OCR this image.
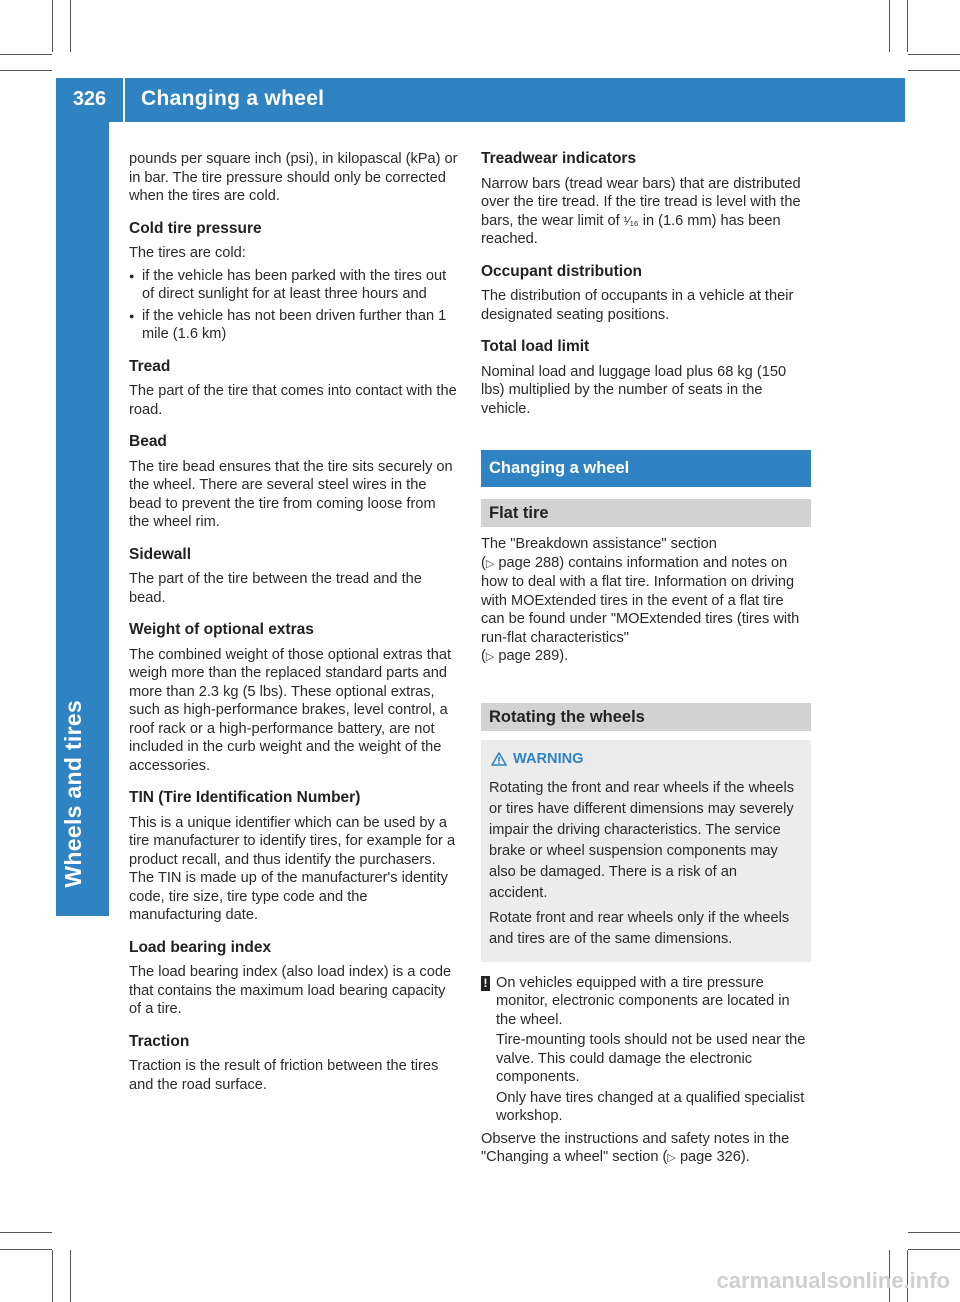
326	Changing a wheel
Wheels and tires

pounds per square inch (psi), in kilopascal (kPa) or in bar. The tire pressure should only be corrected when the tires are cold.

Cold tire pressure

The tires are cold:

● if the vehicle has been parked with the tires out of direct sunlight for at least three hours and
● if the vehicle has not been driven further than 1 mile (1.6 km)
Tread

The part of the tire that comes into contact with the road.

Bead

The tire bead ensures that the tire sits securely on the wheel. There are several steel wires in the bead to prevent the tire from coming loose from the wheel rim.

Sidewall

The part of the tire between the tread and the bead.

Weight of optional extras

The combined weight of those optional extras that weigh more than the replaced standard parts and more than 2.3 kg (5 lbs). These optional extras, such as high-performance brakes, level control, a roof rack or a high-performance battery, are not included in the curb weight and the weight of the accessories.

TIN (Tire Identification Number)

This is a unique identifier which can be used by a tire manufacturer to identify tires, for example for a product recall, and thus identify the purchasers. The TIN is made up of the manufacturer's identity code, tire size, tire type code and the manufacturing date.

Load bearing index

The load bearing index (also load index) is a code that contains the maximum load bearing capacity of a tire.

Traction

Traction is the result of friction between the tires and the road surface.

Treadwear indicators

Narrow bars (tread wear bars) that are distributed over the tire tread. If the tire tread is level with the bars, the wear limit of ¹⁄₁₆ in (1.6 mm) has been reached.

Occupant distribution

The distribution of occupants in a vehicle at their designated seating positions.

Total load limit

Nominal load and luggage load plus 68 kg (150 lbs) multiplied by the number of seats in the vehicle.

Changing a wheel
Flat tire

The "Breakdown assistance" section
(▷ page 288) contains information and notes on how to deal with a flat tire. Information on driving with MOExtended tires in the event of a flat tire can be found under "MOExtended tires (tires with run-flat characteristics"
(▷ page 289).

Rotating the wheels
WARNING

Rotating the front and rear wheels if the wheels or tires have different dimensions may severely impair the driving characteristics. The service brake or wheel suspension components may also be damaged. There is a risk of an accident.

Rotate front and rear wheels only if the wheels and tires are of the same dimensions.

! On vehicles equipped with a tire pressure monitor, electronic components are located in the wheel.

Tire-mounting tools should not be used near the valve. This could damage the electronic components.

Only have tires changed at a qualified specialist workshop.

Observe the instructions and safety notes in the "Changing a wheel" section (▷ page 326).

carmanualsonline.info
